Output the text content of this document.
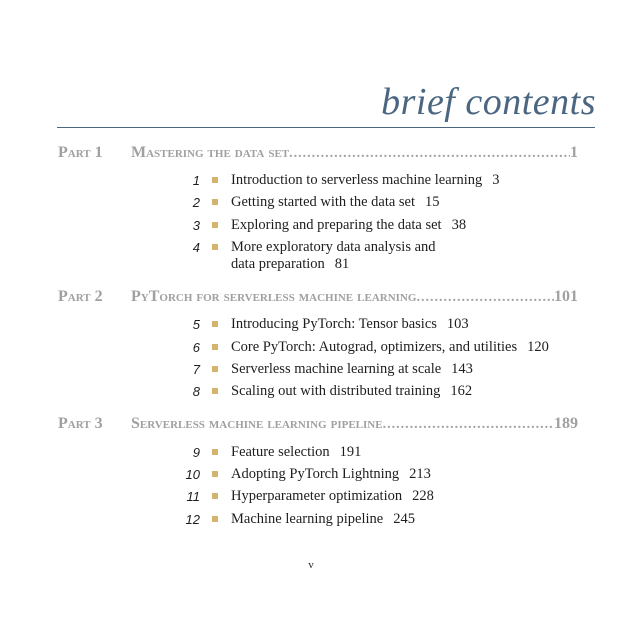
brief contents
Part 1	Mastering the data set .....	1
1 Introduction to serverless machine learning 3
2 Getting started with the data set 15
3 Exploring and preparing the data set 38
4 More exploratory data analysis and
data preparation 81
Part 2	PyTorch for serverless machine learning .....	101
5 Introducing PyTorch: Tensor basics 103
6 Core PyTorch: Autograd, optimizers, and utilities 120
7 Serverless machine learning at scale 143
8 Scaling out with distributed training 162
Part 3	Serverless machine learning pipeline .....	189
9 Feature selection 191
10 Adopting PyTorch Lightning 213
11 Hyperparameter optimization 228
12 Machine learning pipeline 245
v
